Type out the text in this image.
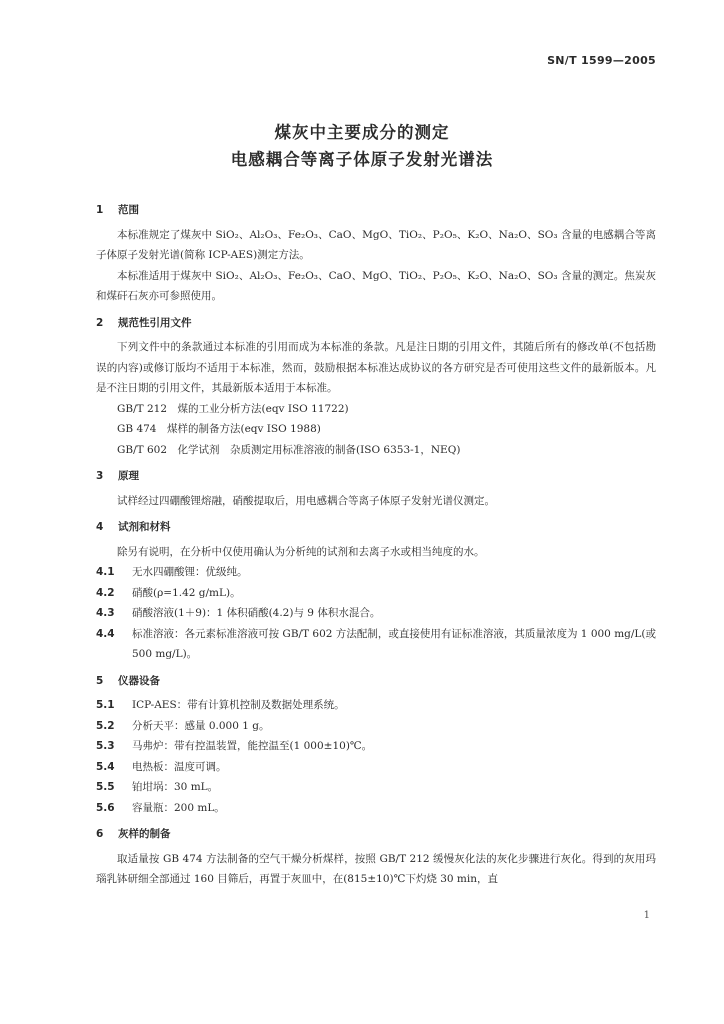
SN/T 1599—2005
煤灰中主要成分的测定
电感耦合等离子体原子发射光谱法
1 范围

本标准规定了煤灰中 SiO₂、Al₂O₃、Fe₂O₃、CaO、MgO、TiO₂、P₂O₅、K₂O、Na₂O、SO₃ 含量的电感耦合等离子体原子发射光谱(简称 ICP-AES)测定方法。

本标准适用于煤灰中 SiO₂、Al₂O₃、Fe₂O₃、CaO、MgO、TiO₂、P₂O₅、K₂O、Na₂O、SO₃ 含量的测定。焦炭灰和煤矸石灰亦可参照使用。

2 规范性引用文件

下列文件中的条款通过本标准的引用而成为本标准的条款。凡是注日期的引用文件，其随后所有的修改单(不包括勘误的内容)或修订版均不适用于本标准，然而，鼓励根据本标准达成协议的各方研究是否可使用这些文件的最新版本。凡是不注日期的引用文件，其最新版本适用于本标准。

GB/T 212　煤的工业分析方法(eqv ISO 11722)

GB 474　煤样的制备方法(eqv ISO 1988)

GB/T 602　化学试剂　杂质测定用标准溶液的制备(ISO 6353-1，NEQ)

3 原理

试样经过四硼酸锂熔融，硝酸提取后，用电感耦合等离子体原子发射光谱仪测定。

4 试剂和材料

除另有说明，在分析中仅使用确认为分析纯的试剂和去离子水或相当纯度的水。

4.1 无水四硼酸锂：优级纯。

4.2 硝酸(ρ=1.42 g/mL)。

4.3 硝酸溶液(1＋9)：1 体积硝酸(4.2)与 9 体积水混合。

4.4 标准溶液：各元素标准溶液可按 GB/T 602 方法配制，或直接使用有证标准溶液，其质量浓度为 1 000 mg/L(或 500 mg/L)。

5 仪器设备

5.1 ICP-AES：带有计算机控制及数据处理系统。

5.2 分析天平：感量 0.000 1 g。

5.3 马弗炉：带有控温装置，能控温至(1 000±10)℃。

5.4 电热板：温度可调。

5.5 铂坩埚：30 mL。

5.6 容量瓶：200 mL。

6 灰样的制备

取适量按 GB 474 方法制备的空气干燥分析煤样，按照 GB/T 212 缓慢灰化法的灰化步骤进行灰化。得到的灰用玛瑙乳钵研细全部通过 160 目筛后，再置于灰皿中，在(815±10)℃下灼烧 30 min，直

1
